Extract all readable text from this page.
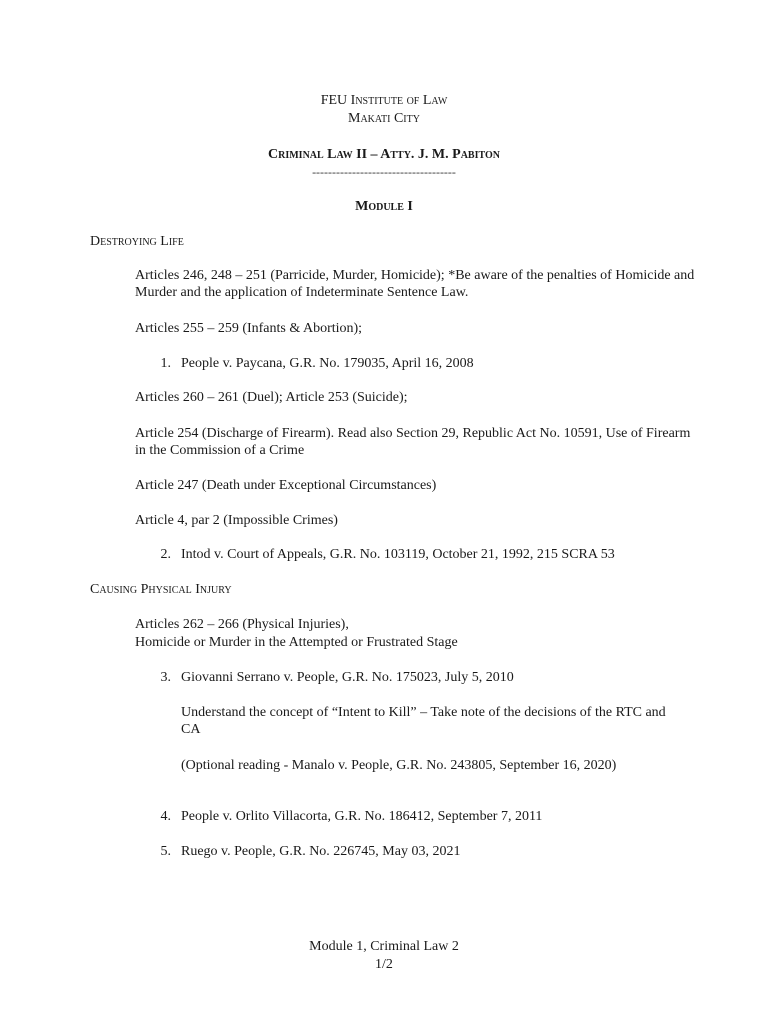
FEU Institute of Law
Makati City
Criminal Law II – Atty. J. M. Pabiton
------------------------------------
Module I
Destroying Life
Articles 246, 248 – 251 (Parricide, Murder, Homicide); *Be aware of the penalties of Homicide and Murder and the application of Indeterminate Sentence Law.
Articles 255 – 259 (Infants & Abortion);
1. People v. Paycana, G.R. No. 179035, April 16, 2008
Articles 260 – 261 (Duel); Article 253 (Suicide);
Article 254 (Discharge of Firearm). Read also Section 29, Republic Act No. 10591, Use of Firearm in the Commission of a Crime
Article 247 (Death under Exceptional Circumstances)
Article 4, par 2 (Impossible Crimes)
2. Intod v. Court of Appeals, G.R. No. 103119, October 21, 1992, 215 SCRA 53
Causing Physical Injury
Articles 262 – 266 (Physical Injuries),
Homicide or Murder in the Attempted or Frustrated Stage
3. Giovanni Serrano v. People, G.R. No. 175023, July 5, 2010
Understand the concept of “Intent to Kill” – Take note of the decisions of the RTC and CA
(Optional reading - Manalo v. People, G.R. No. 243805, September 16, 2020)
4. People v. Orlito Villacorta, G.R. No. 186412, September 7, 2011
5. Ruego v. People, G.R. No. 226745, May 03, 2021
Module 1, Criminal Law 2
1/2
